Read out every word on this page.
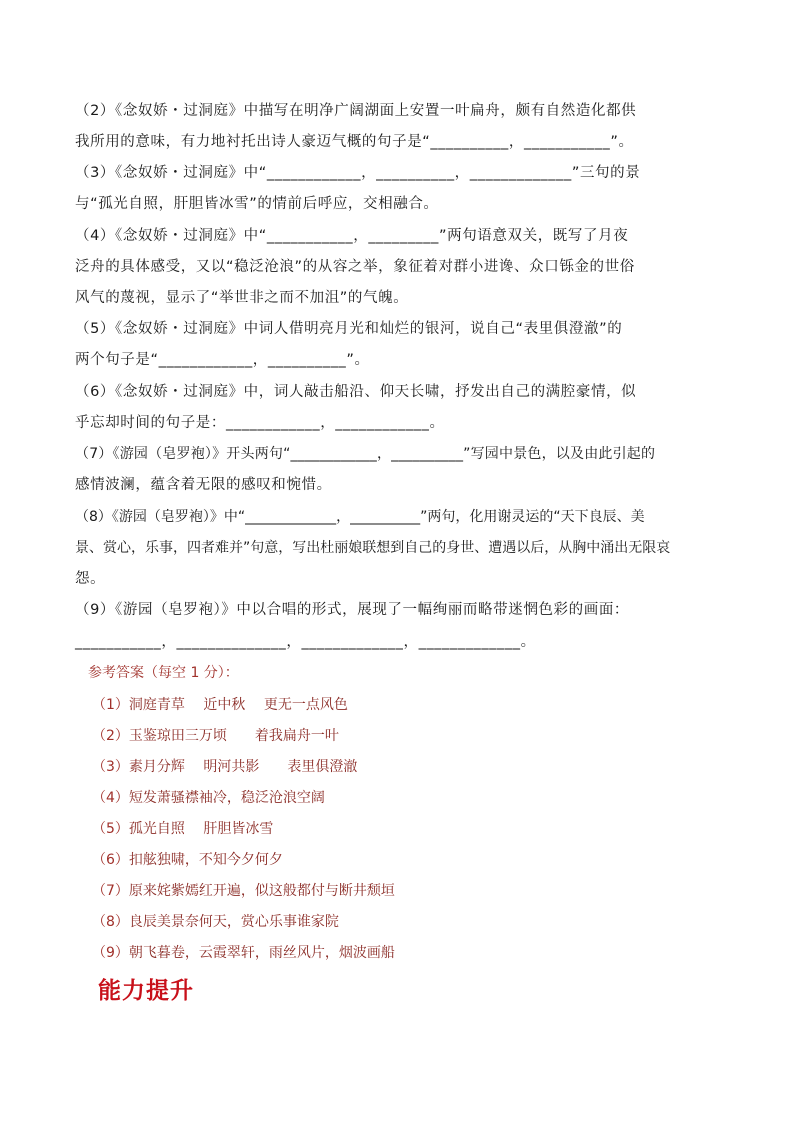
（2）《念奴娇・过洞庭》中描写在明净广阔湖面上安置一叶扁舟，颇有自然造化都供

我所用的意味，有力地衬托出诗人豪迈气概的句子是“__________，___________”。

（3）《念奴娇・过洞庭》中“____________，__________，_____________”三句的景

与“孤光自照，肝胆皆冰雪”的情前后呼应，交相融合。

（4）《念奴娇・过洞庭》中“___________，_________”两句语意双关，既写了月夜

泛舟的具体感受，又以“稳泛沧浪”的从容之举，象征着对群小进谗、众口铄金的世俗

风气的蔑视，显示了“举世非之而不加沮”的气魄。

（5）《念奴娇・过洞庭》中词人借明亮月光和灿烂的银河，说自己“表里俱澄澈”的

两个句子是“____________，__________”。

（6）《念奴娇・过洞庭》中，词人敲击船沿、仰天长啸，抒发出自己的满腔豪情，似

乎忘却时间的句子是：____________，____________。

（7）《游园（皂罗袍）》开头两句“____________，__________”写园中景色，以及由此引起的

感情波澜，蕴含着无限的感叹和惋惜。

（8）《游园（皂罗袍）》中“_____________，__________”两句，化用谢灵运的“天下良辰、美

景、赏心，乐事，四者难并”句意，写出杜丽娘联想到自己的身世、遭遇以后，从胸中涌出无限哀

怨。

（9）《游园（皂罗袍）》中以合唱的形式，展现了一幅绚丽而略带迷惘色彩的画面：

___________，______________，_____________，_____________。

参考答案（每空 1 分）：

（1）洞庭青草　 近中秋　 更无一点风色

（2）玉鉴琼田三万顷　　着我扁舟一叶

（3）素月分辉　 明河共影　　表里俱澄澈

（4）短发萧骚襟袖冷，稳泛沧浪空阔

（5）孤光自照　 肝胆皆冰雪

（6）扣舷独啸，不知今夕何夕

（7）原来姹紫嫣红开遍，似这般都付与断井颓垣

（8）良辰美景奈何天，赏心乐事谁家院

（9）朝飞暮卷，云霞翠轩，雨丝风片，烟波画船

能力提升
